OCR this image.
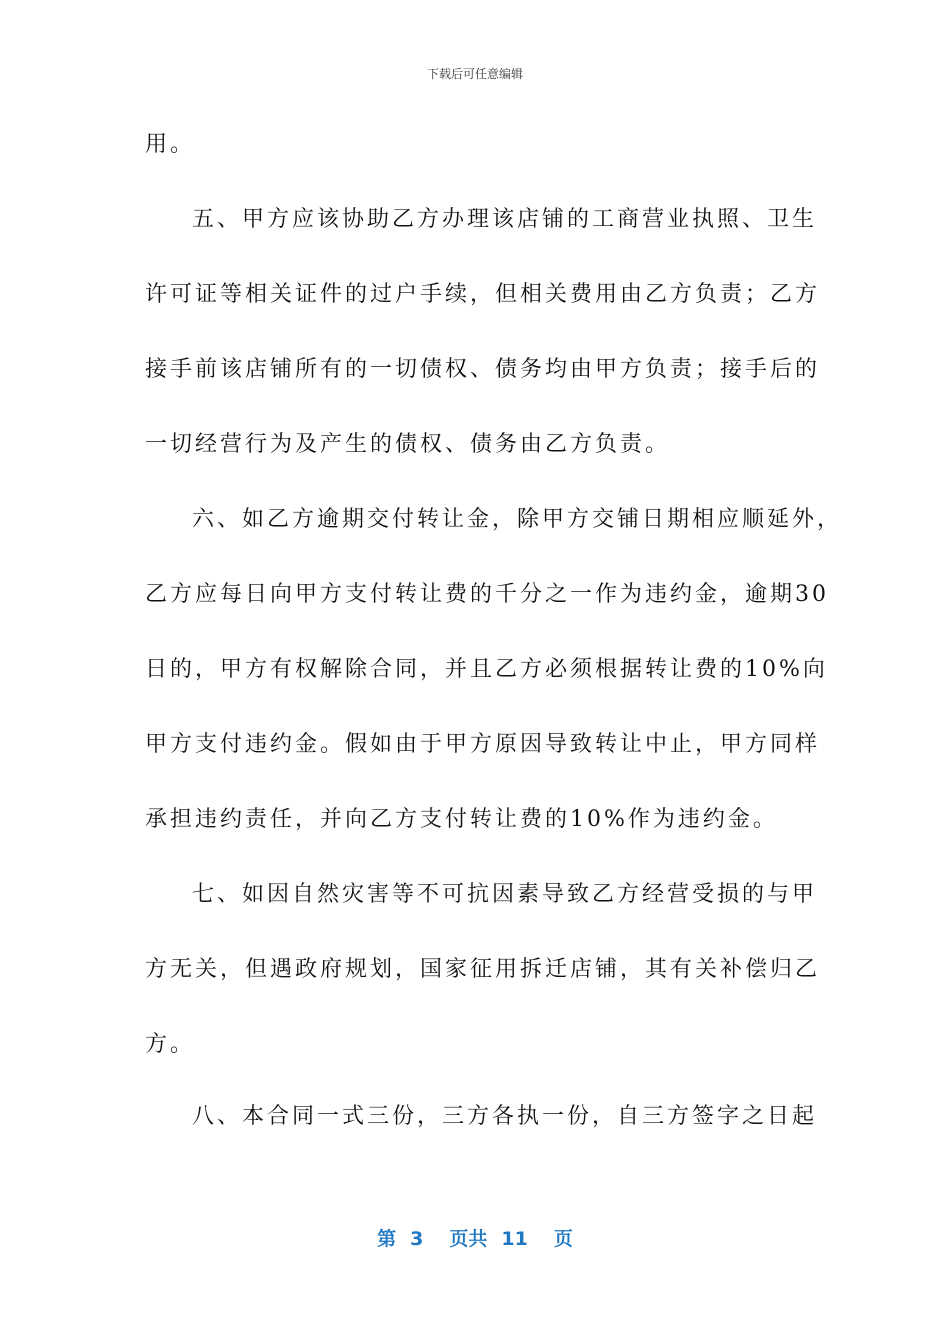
下载后可任意编辑
用。
五、甲方应该协助乙方办理该店铺的工商营业执照、卫生
许可证等相关证件的过户手续，但相关费用由乙方负责；乙方
接手前该店铺所有的一切债权、债务均由甲方负责；接手后的
一切经营行为及产生的债权、债务由乙方负责。
六、如乙方逾期交付转让金，除甲方交铺日期相应顺延外，
乙方应每日向甲方支付转让费的千分之一作为违约金，逾期30
日的，甲方有权解除合同，并且乙方必须根据转让费的10%向
甲方支付违约金。假如由于甲方原因导致转让中止，甲方同样
承担违约责任，并向乙方支付转让费的10%作为违约金。
七、如因自然灾害等不可抗因素导致乙方经营受损的与甲
方无关，但遇政府规划，国家征用拆迁店铺，其有关补偿归乙
方。
八、本合同一式三份，三方各执一份，自三方签字之日起
第 3 页共 11 页
